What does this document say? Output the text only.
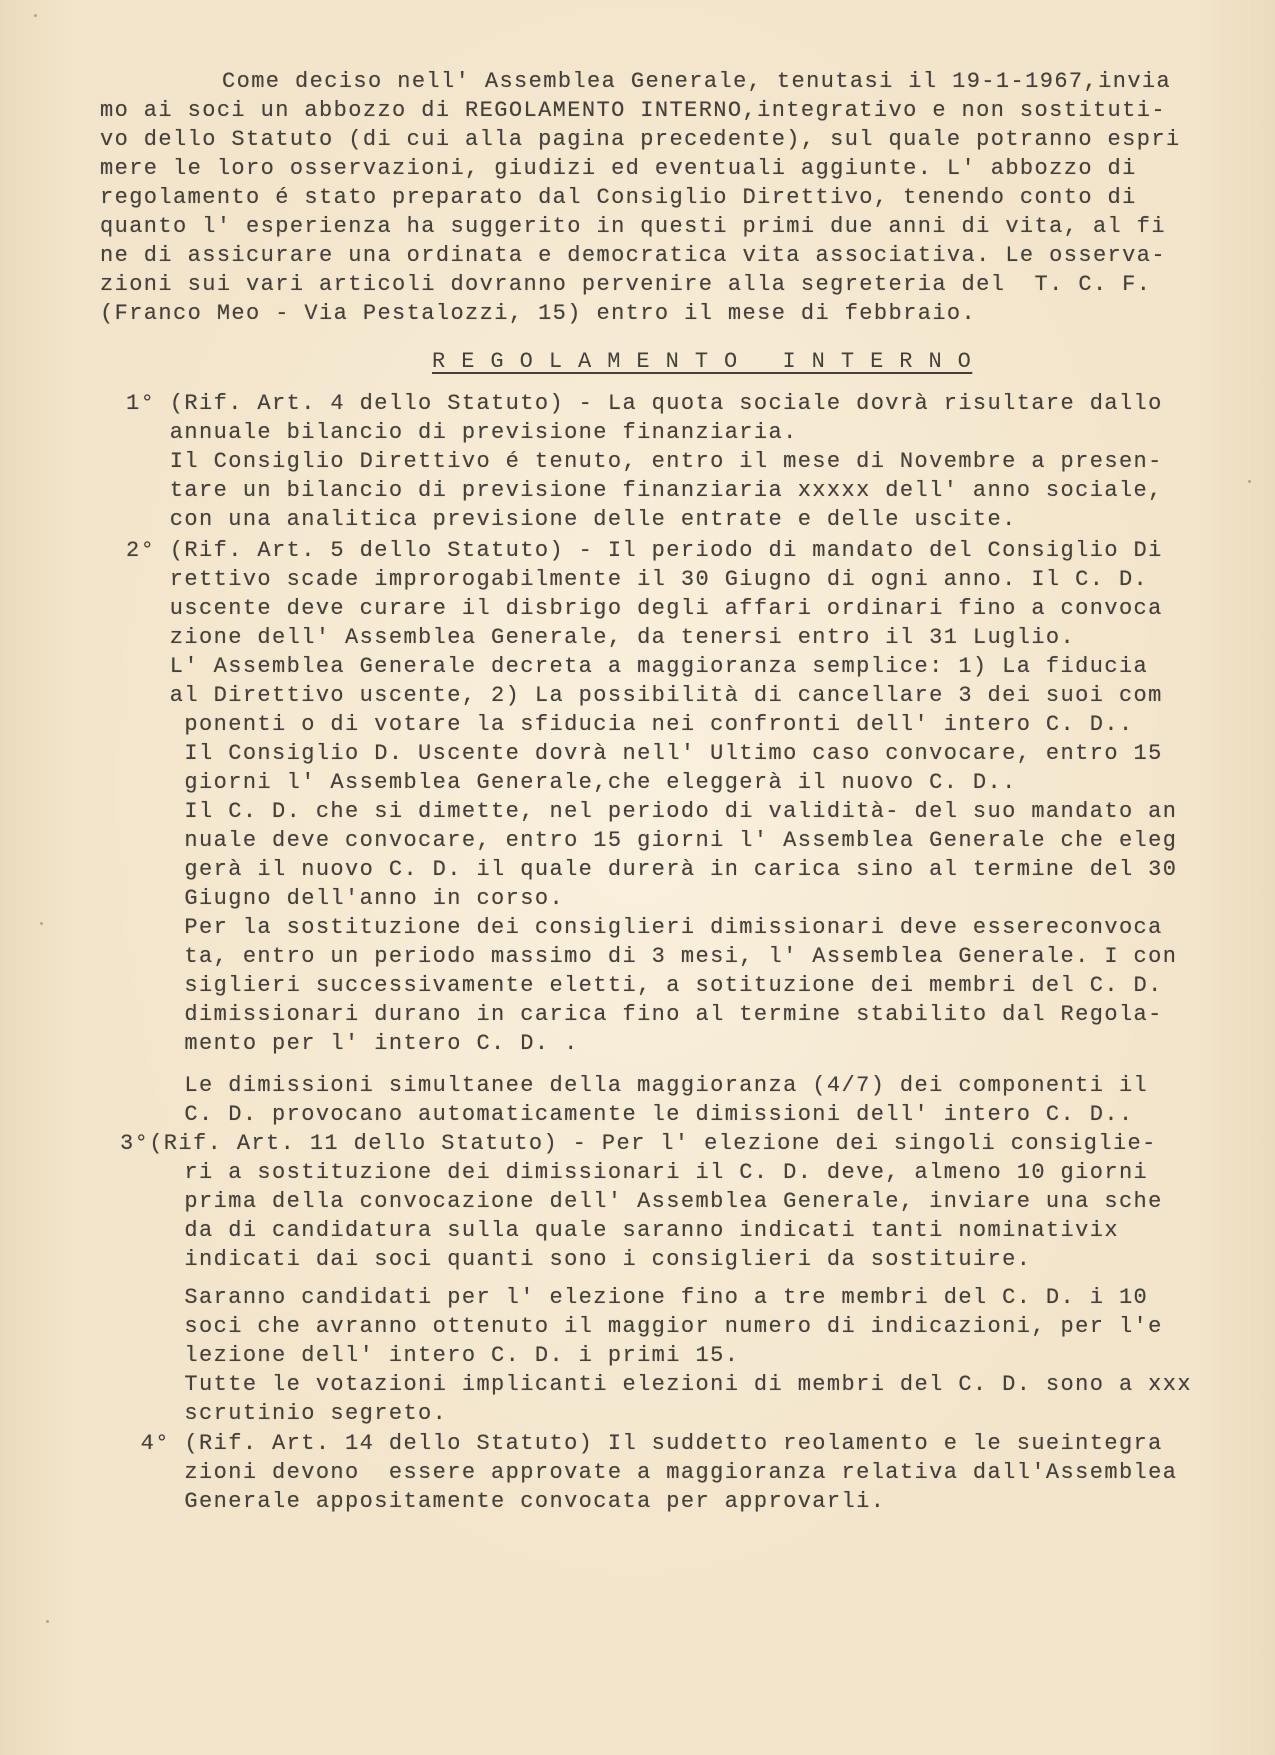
Come deciso nell' Assemblea Generale, tenutasi il 19-1-1967,invia
mo ai soci un abbozzo di REGOLAMENTO INTERNO,integrativo e non sostituti-
vo dello Statuto (di cui alla pagina precedente), sul quale potranno espri
mere le loro osservazioni, giudizi ed eventuali aggiunte. L' abbozzo di
regolamento é stato preparato dal Consiglio Direttivo, tenendo conto di
quanto l' esperienza ha suggerito in questi primi due anni di vita, al fi
ne di assicurare una ordinata e democratica vita associativa. Le osserva-
zioni sui vari articoli dovranno pervenire alla segreteria del  T. C. F.
(Franco Meo - Via Pestalozzi, 15) entro il mese di febbraio.
R E G O L A M E N T O   I N T E R N O
1° (Rif. Art. 4 dello Statuto) - La quota sociale dovrà risultare dallo
annuale bilancio di previsione finanziaria.
Il Consiglio Direttivo é tenuto, entro il mese di Novembre a presen-
tare un bilancio di previsione finanziaria xxxxx dell' anno sociale,
con una analitica previsione delle entrate e delle uscite.
2° (Rif. Art. 5 dello Statuto) - Il periodo di mandato del Consiglio Di
rettivo scade improrogabilmente il 30 Giugno di ogni anno. Il C. D.
uscente deve curare il disbrigo degli affari ordinari fino a convoca
zione dell' Assemblea Generale, da tenersi entro il 31 Luglio.
L' Assemblea Generale decreta a maggioranza semplice: 1) La fiducia
al Direttivo uscente, 2) La possibilità di cancellare 3 dei suoi com
ponenti o di votare la sfiducia nei confronti dell' intero C. D..
Il Consiglio D. Uscente dovrà nell' Ultimo caso convocare, entro 15
giorni l' Assemblea Generale,che eleggerà il nuovo C. D..
Il C. D. che si dimette, nel periodo di validità- del suo mandato an
nuale deve convocare, entro 15 giorni l' Assemblea Generale che eleg
gerà il nuovo C. D. il quale durerà in carica sino al termine del 30
Giugno dell'anno in corso.
Per la sostituzione dei consiglieri dimissionari deve essereconvoca
ta, entro un periodo massimo di 3 mesi, l' Assemblea Generale. I con
siglieri successivamente eletti, a sotituzione dei membri del C. D.
dimissionari durano in carica fino al termine stabilito dal Regola-
mento per l' intero C. D. .
Le dimissioni simultanee della maggioranza (4/7) dei componenti il
C. D. provocano automaticamente le dimissioni dell' intero C. D..
3°(Rif. Art. 11 dello Statuto) - Per l' elezione dei singoli consiglie-
ri a sostituzione dei dimissionari il C. D. deve, almeno 10 giorni
prima della convocazione dell' Assemblea Generale, inviare una sche
da di candidatura sulla quale saranno indicati tanti nominativix
indicati dai soci quanti sono i consiglieri da sostituire.
Saranno candidati per l' elezione fino a tre membri del C. D. i 10
soci che avranno ottenuto il maggior numero di indicazioni, per l'e
lezione dell' intero C. D. i primi 15.
Tutte le votazioni implicanti elezioni di membri del C. D. sono a xxx
scrutinio segreto.
4° (Rif. Art. 14 dello Statuto) Il suddetto reolamento e le sueintegra
zioni devono  essere approvate a maggioranza relativa dall'Assemblea
Generale appositamente convocata per approvarli.
